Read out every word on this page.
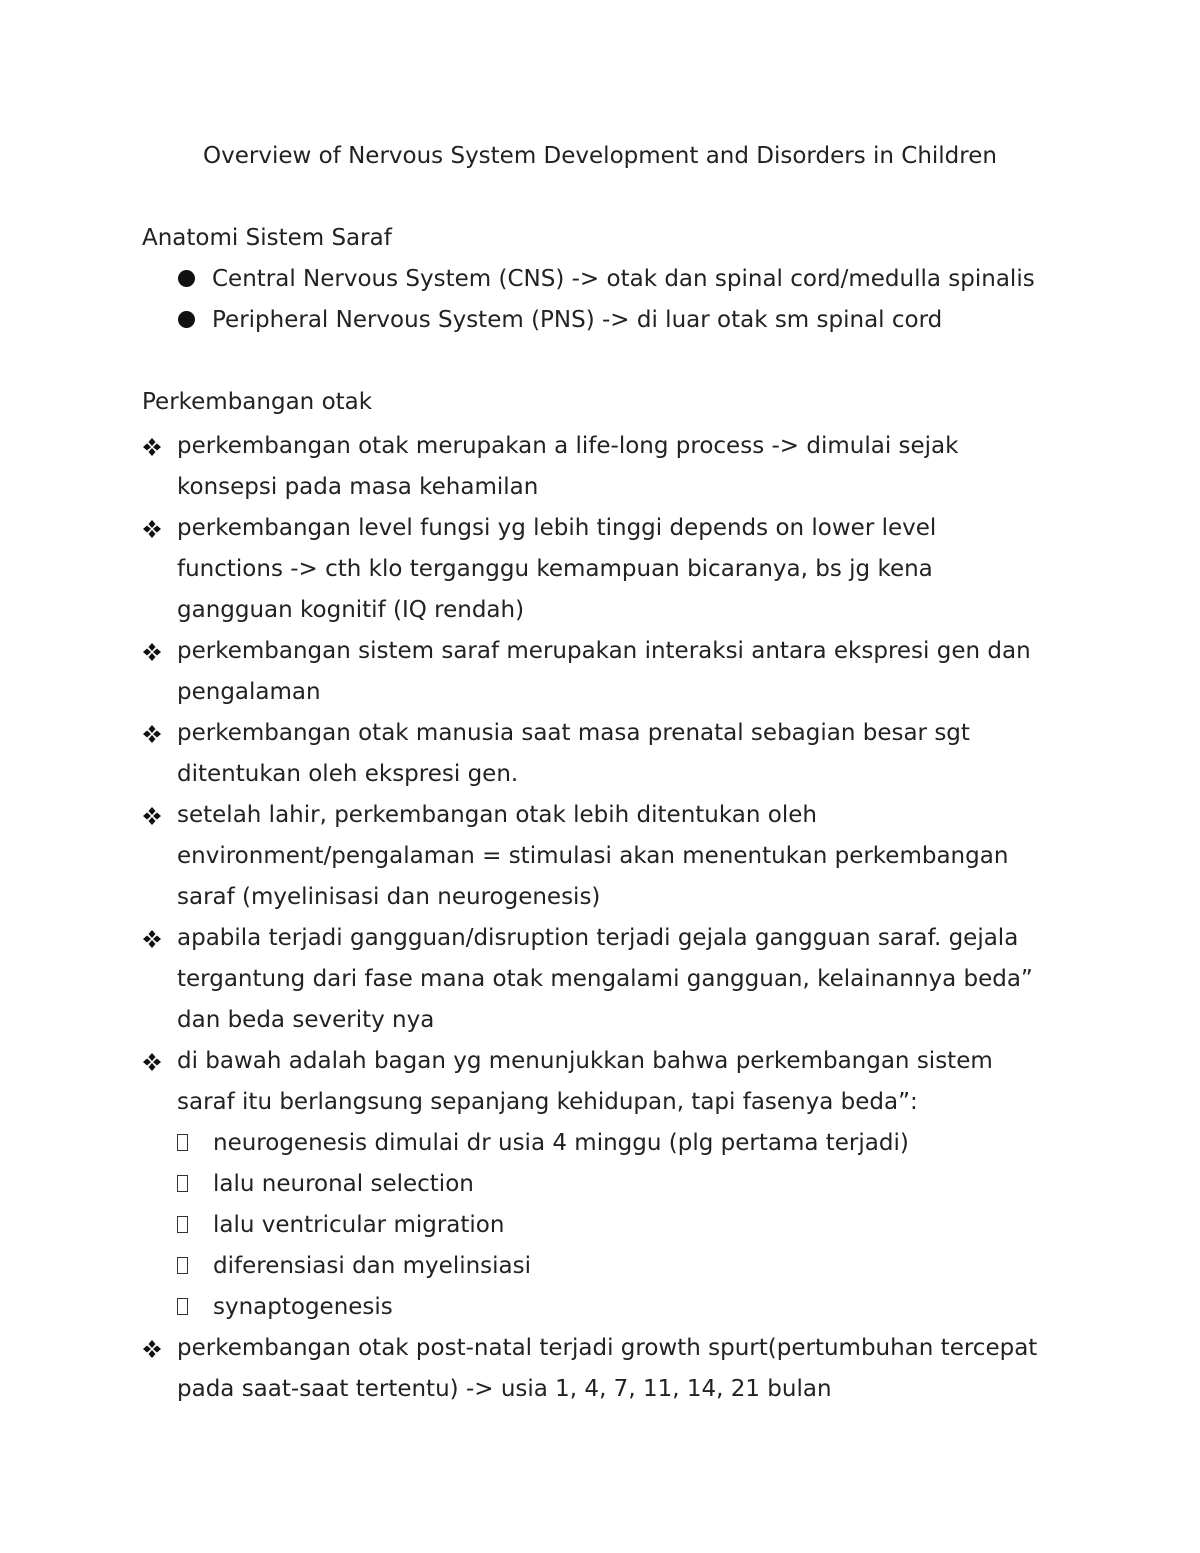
Overview of Nervous System Development and Disorders in Children
Anatomi Sistem Saraf
Central Nervous System (CNS) -> otak dan spinal cord/medulla spinalis
Peripheral Nervous System (PNS) -> di luar otak sm spinal cord
Perkembangan otak
perkembangan otak merupakan a life-long process -> dimulai sejak
konsepsi pada masa kehamilan
perkembangan level fungsi yg lebih tinggi depends on lower level
functions -> cth klo terganggu kemampuan bicaranya, bs jg kena
gangguan kognitif (IQ rendah)
perkembangan sistem saraf merupakan interaksi antara ekspresi gen dan
pengalaman
perkembangan otak manusia saat masa prenatal sebagian besar sgt
ditentukan oleh ekspresi gen.
setelah lahir, perkembangan otak lebih ditentukan oleh
environment/pengalaman = stimulasi akan menentukan perkembangan
saraf (myelinisasi dan neurogenesis)
apabila terjadi gangguan/disruption terjadi gejala gangguan saraf. gejala
tergantung dari fase mana otak mengalami gangguan, kelainannya beda”
dan beda severity nya
di bawah adalah bagan yg menunjukkan bahwa perkembangan sistem
saraf itu berlangsung sepanjang kehidupan, tapi fasenya beda”:
neurogenesis dimulai dr usia 4 minggu (plg pertama terjadi)
lalu neuronal selection
lalu ventricular migration
diferensiasi dan myelinsiasi
synaptogenesis
perkembangan otak post-natal terjadi growth spurt(pertumbuhan tercepat
pada saat-saat tertentu) -> usia 1, 4, 7, 11, 14, 21 bulan
